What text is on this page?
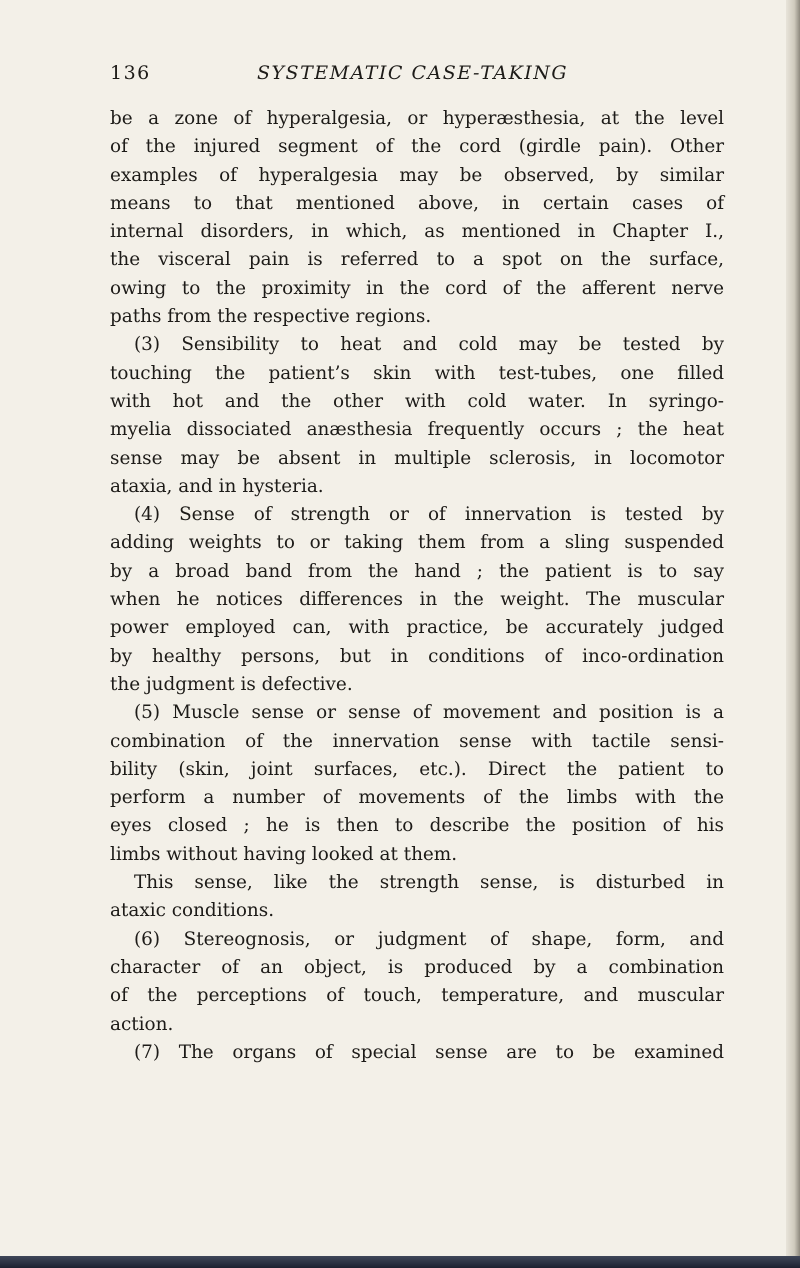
136	SYSTEMATIC CASE-TAKING
be a zone of hyperalgesia, or hyperæsthesia, at the level
of the injured segment of the cord (girdle pain). Other
examples of hyperalgesia may be observed, by similar
means to that mentioned above, in certain cases of
internal disorders, in which, as mentioned in Chapter I.,
the visceral pain is referred to a spot on the surface,
owing to the proximity in the cord of the afferent nerve
paths from the respective regions.
(3) Sensibility to heat and cold may be tested by
touching the patient’s skin with test-tubes, one filled
with hot and the other with cold water. In syringo-
myelia dissociated anæsthesia frequently occurs ; the heat
sense may be absent in multiple sclerosis, in locomotor
ataxia, and in hysteria.
(4) Sense of strength or of innervation is tested by
adding weights to or taking them from a sling suspended
by a broad band from the hand ; the patient is to say
when he notices differences in the weight. The muscular
power employed can, with practice, be accurately judged
by healthy persons, but in conditions of inco-ordination
the judgment is defective.
(5) Muscle sense or sense of movement and position is a
combination of the innervation sense with tactile sensi-
bility (skin, joint surfaces, etc.). Direct the patient to
perform a number of movements of the limbs with the
eyes closed ; he is then to describe the position of his
limbs without having looked at them.
This sense, like the strength sense, is disturbed in
ataxic conditions.
(6) Stereognosis, or judgment of shape, form, and
character of an object, is produced by a combination
of the perceptions of touch, temperature, and muscular
action.
(7) The organs of special sense are to be examined
